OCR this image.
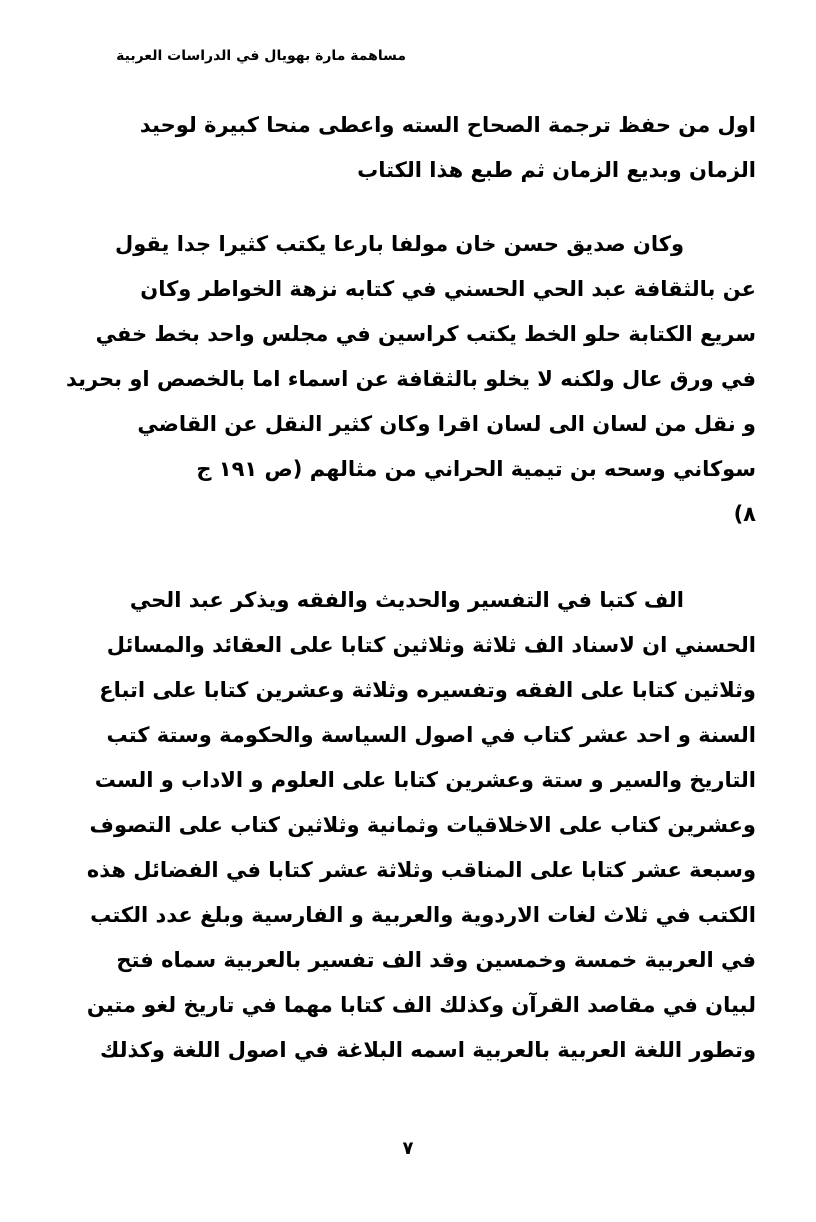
مساهمة مارة بهويال في الدراسات العربية
اول من حفظ ترجمة الصحاح السته واعطى منحا كبيرة لوحيد
الزمان وبديع الزمان ثم طبع هذا الكتاب
وكان صديق حسن خان مولفا بارعا يكتب كثيرا جدا يقول
عن بالثقافة عبد الحي الحسني في كتابه نزهة الخواطر وكان
سريع الكتابة حلو الخط يكتب كراسين في مجلس واحد بخط خفي
في ورق عال ولكنه لا يخلو بالثقافة عن اسماء اما بالخصص او بحريد
و نقل من لسان الى لسان اقرا وكان كثير النقل عن القاضي
سوكاني وسحه بن تيمية الحراني من مثالهم (ص ١٩١ ج
٨)
الف كتبا في التفسير والحديث والفقه ويذكر عبد الحي
الحسني ان لاسناد الف ثلاثة وثلاثين كتابا على العقائد والمسائل
وثلاثين كتابا على الفقه وتفسيره وثلاثة وعشرين كتابا على اتباع
السنة و احد عشر كتاب في اصول السياسة والحكومة وستة كتب
التاريخ والسير و ستة وعشرين كتابا على العلوم و الاداب و الست
وعشرين كتاب على الاخلاقيات وثمانية وثلاثين كتاب على التصوف
وسبعة عشر كتابا على المناقب وثلاثة عشر كتابا في الفضائل هذه
الكتب في ثلاث لغات الاردوية والعربية و الفارسية وبلغ عدد الكتب
في العربية خمسة وخمسين وقد الف تفسير بالعربية سماه فتح
لبيان في مقاصد القرآن وكذلك الف كتابا مهما في تاريخ لغو متين
وتطور اللغة العربية بالعربية اسمه البلاغة في اصول اللغة وكذلك
٧
